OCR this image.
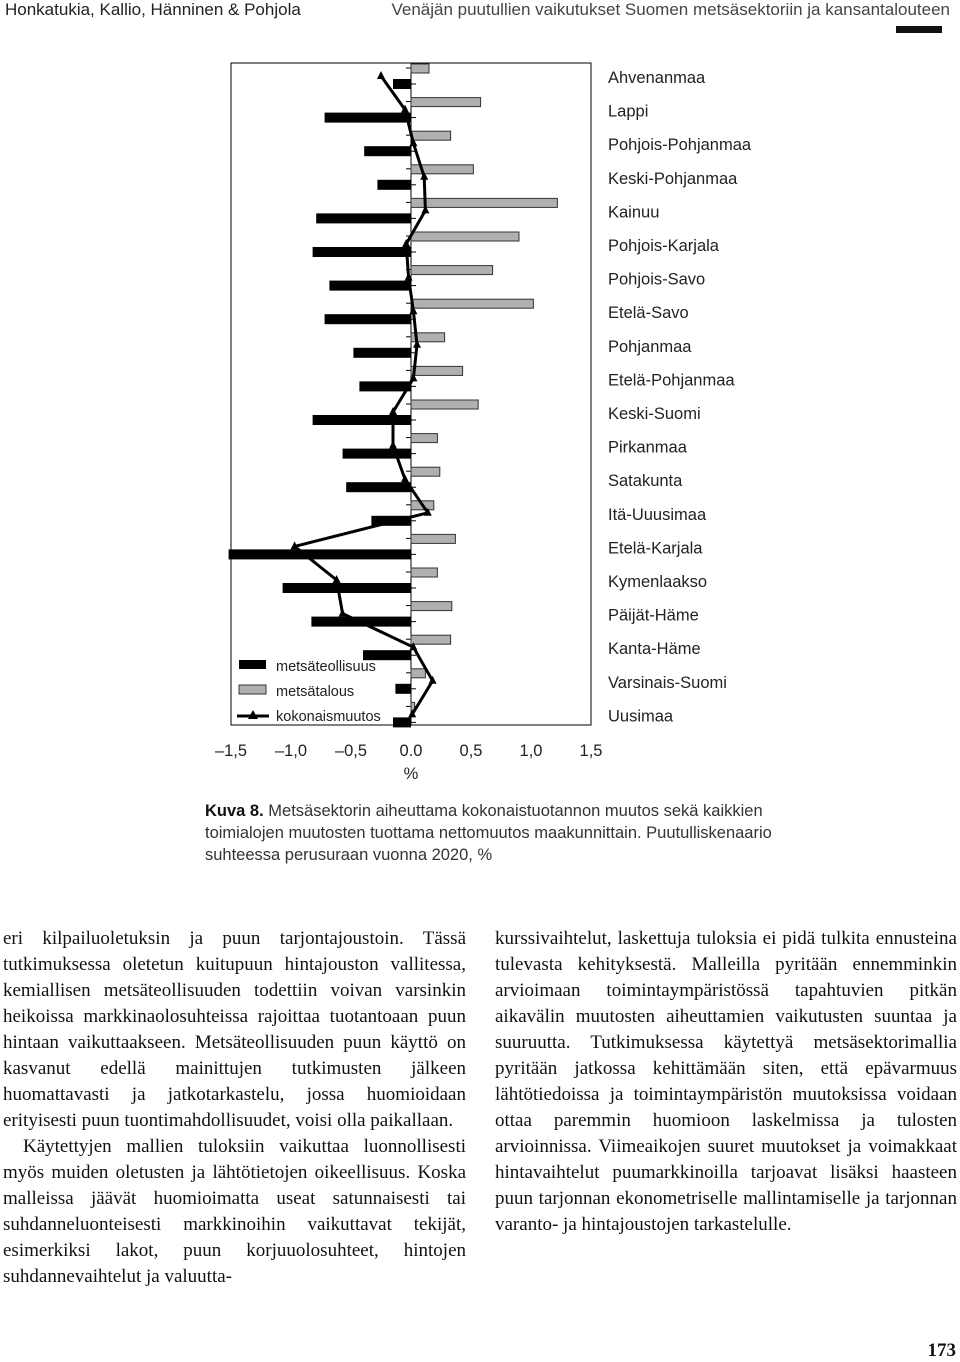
Honkatukia, Kallio, Hänninen & Pohjola	Venäjän puutullien vaikutukset Suomen metsäsektoriin ja kansantalouteen
Ahvenanmaa
Lappi
Pohjois-Pohjanmaa
Keski-Pohjanmaa
Kainuu
Pohjois-Karjala
Pohjois-Savo
Etelä-Savo
Pohjanmaa
Etelä-Pohjanmaa
Keski-Suomi
Pirkanmaa
Satakunta
Itä-Uuusimaa
Etelä-Karjala
Kymenlaakso
Päijät-Häme
Kanta-Häme
Varsinais-Suomi
Uusimaa
–1,5 –1,0 –0,5 0.0 0,5 1,0 1,5
%
metsäteollisuus
metsätalous
kokonaismuutos
Kuva 8. Metsäsektorin aiheuttama kokonaistuotannon muutos sekä kaikkien toimialojen muutosten tuottama nettomuutos maakunnittain. Puutulliskenaario suhteessa perusuraan vuonna 2020, %

eri kilpailuoletuksin ja puun tarjontajoustoin. Tässä tutkimuksessa oletetun kuitupuun hintajouston vallitessa, kemiallisen metsäteollisuuden todettiin voivan varsinkin heikoissa markkinaolosuhteissa rajoittaa tuotantoaan puun hintaan vaikuttaakseen. Metsäteollisuuden puun käyttö on kasvanut edellä mainittujen tutkimusten jälkeen huomattavasti ja jatkotarkastelu, jossa huomioidaan erityisesti puun tuontimahdollisuudet, voisi olla paikallaan.

Käytettyjen mallien tuloksiin vaikuttaa luonnollisesti myös muiden oletusten ja lähtötietojen oikeellisuus. Koska malleissa jäävät huomioimatta useat satunnaisesti tai suhdanneluonteisesti markkinoihin vaikuttavat tekijät, esimerkiksi lakot, puun korjuuolosuhteet, hintojen suhdannevaihtelut ja valuutta-

kurssivaihtelut, laskettuja tuloksia ei pidä tulkita ennusteina tulevasta kehityksestä. Malleilla pyritään ennemminkin arvioimaan toimintaympäristössä tapahtuvien pitkän aikavälin muutosten aiheuttamien vaikutusten suuntaa ja suuruutta. Tutkimuksessa käytettyä metsäsektorimallia pyritään jatkossa kehittämään siten, että epävarmuus lähtötiedoissa ja toimintaympäristön muutoksissa voidaan ottaa paremmin huomioon laskelmissa ja tulosten arvioinnissa. Viimeaikojen suuret muutokset ja voimakkaat hintavaihtelut puumarkkinoilla tarjoavat lisäksi haasteen puun tarjonnan ekonometriselle mallintamiselle ja tarjonnan varanto- ja hintajoustojen tarkastelulle.

173
